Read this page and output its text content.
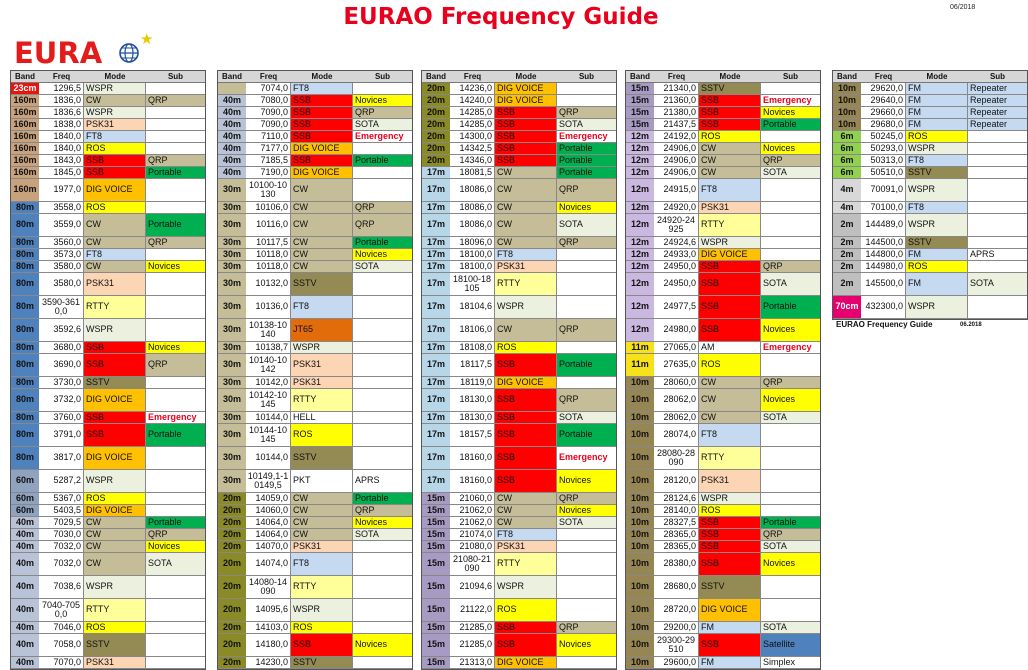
EURAO Frequency Guide	06/2018
EURA	★
Band	Freq	Mode	Sub
23cm	1296,5 WSPR
160m	1836,0 CW	QRP
160m	1836,6 WSPR
160m	1838,0 PSK31
160m	1840,0 FT8
160m	1840,0 ROS
160m	1843,0 SSB	QRP
160m	1845,0 SSB	Portable
160m	1977,0 DIG VOICE
80m	3558,0 ROS
80m	3559,0 CW	Portable
80m	3560,0 CW	QRP
80m	3573,0 FT8
80m	3580,0 CW	Novices
80m	3580,0 PSK31
80m 3590-3610,0	RTTY
80m	3592,6 WSPR
80m	3680,0 SSB	Novices
80m	3690,0 SSB	QRP
80m	3730,0 SSTV
80m	3732,0 DIG VOICE
80m	3760,0 SSB	Emergency
80m	3791,0 SSB	Portable
80m	3817,0 DIG VOICE
60m	5287,2 WSPR
60m	5367,0 ROS
60m	5403,5 DIG VOICE
40m	7029,5 CW	Portable
40m	7030,0 CW	QRP
40m	7032,0 CW	Novices
40m	7032,0 CW	SOTA
40m	7038,6 WSPR
40m 7040-7050,0	RTTY
40m	7046,0 ROS
40m	7058,0 SSTV
40m	7070,0 PSK31
Band	Freq	Mode	Sub
7074,0 FT8
40m	7080,0 SSB	Novices
40m	7090,0 SSB	QRP
40m	7090,0 SSB	SOTA
40m	7110,0 SSB	Emergency
40m	7177,0 DIG VOICE
40m	7185,5 SSB	Portable
40m	7190,0 DIG VOICE
30m 10100-10130	CW
30m	10106,0 CW	QRP
30m	10116,0 CW	QRP
30m	10117,5 CW	Portable
30m	10118,0 CW	Novices
30m	10118,0 CW	SOTA
30m	10132,0 SSTV
30m	10136,0 FT8
30m 10138-10140	JT65
30m	10138,7 WSPR
30m 10140-10142	PSK31
30m	10142,0 PSK31
30m 10142-10145	RTTY
30m	10144,0 HELL
30m 10144-10145	ROS
30m	10144,0 SSTV
30m 10149,1-10149,5	PKT	APRS
20m	14059,0 CW	Portable
20m	14060,0 CW	QRP
20m	14064,0 CW	Novices
20m	14064,0 CW	SOTA
20m	14070,0 PSK31
20m	14074,0 FT8
20m 14080-14090	RTTY
20m	14095,6 WSPR
20m	14103,0 ROS
20m	14180,0 SSB	Novices
20m	14230,0 SSTV
Band	Freq	Mode	Sub
20m	14236,0 DIG VOICE
20m	14240,0 DIG VOICE
20m	14285,0 SSB	QRP
20m	14285,0 SSB	SOTA
20m	14300,0 SSB	Emergency
20m	14342,5 SSB	Portable
20m	14346,0 SSB	Portable
17m	18081,5 CW	Portable
17m	18086,0 CW	QRP
17m	18086,0 CW	Novices
17m	18086,0 CW	SOTA
17m	18096,0 CW	QRP
17m	18100,0 FT8
17m	18100,0 PSK31
17m 18100-18105	RTTY
17m	18104,6 WSPR
17m	18106,0 CW	QRP
17m	18108,0 ROS
17m	18117,5 SSB	Portable
17m	18119,0 DIG VOICE
17m	18130,0 SSB	QRP
17m	18130,0 SSB	SOTA
17m	18157,5 SSB	Portable
17m	18160,0 SSB	Emergency
17m	18160,0 SSB	Novices
15m	21060,0 CW	QRP
15m	21062,0 CW	Novices
15m	21062,0 CW	SOTA
15m	21074,0 FT8
15m	21080,0 PSK31
15m 21080-21090	RTTY
15m	21094,6 WSPR
15m	21122,0 ROS
15m	21285,0 SSB	QRP
15m	21285,0 SSB	Novices
15m	21313,0 DIG VOICE
Band	Freq	Mode	Sub
15m	21340,0 SSTV
15m	21360,0 SSB	Emergency
15m	21380,0 SSB	Novices
15m	21437,5 SSB	Portable
12m	24192,0 ROS
12m	24906,0 CW	Novices
12m	24906,0 CW	QRP
12m	24906,0 CW	SOTA
12m	24915,0 FT8
12m	24920,0 PSK31
12m 24920-24925	RTTY
12m	24924,6 WSPR
12m	24933,0 DIG VOICE
12m	24950,0 SSB	QRP
12m	24950,0 SSB	SOTA
12m	24977,5 SSB	Portable
12m	24980,0 SSB	Novices
11m	27065,0 AM	Emergency
11m	27635,0 ROS
10m	28060,0 CW	QRP
10m	28062,0 CW	Novices
10m	28062,0 CW	SOTA
10m	28074,0 FT8
10m 28080-28090	RTTY
10m	28120,0 PSK31
10m	28124,6 WSPR
10m	28140,0 ROS
10m	28327,5 SSB	Portable
10m	28365,0 SSB	QRP
10m	28365,0 SSB	SOTA
10m	28380,0 SSB	Novices
10m	28680,0 SSTV
10m	28720,0 DIG VOICE
10m	29200,0 FM	SOTA
10m 29300-29510	SSB	Satellite
10m	29600,0 FM	Simplex
Band	Freq	Mode	Sub
10m	29620,0 FM	Repeater
10m	29640,0 FM	Repeater
10m	29660,0 FM	Repeater
10m	29680,0 FM	Repeater
6m	50245,0 ROS
6m	50293,0 WSPR
6m	50313,0 FT8
6m	50510,0 SSTV
4m	70091,0 WSPR
4m	70100,0 FT8
2m	144489,0 WSPR
2m	144500,0 SSTV
2m	144800,0 FM	APRS
2m	144980,0 ROS
2m	145500,0 FM	SOTA
70cm 432300,0 WSPR
EURAO Frequency Guide	06.2018
